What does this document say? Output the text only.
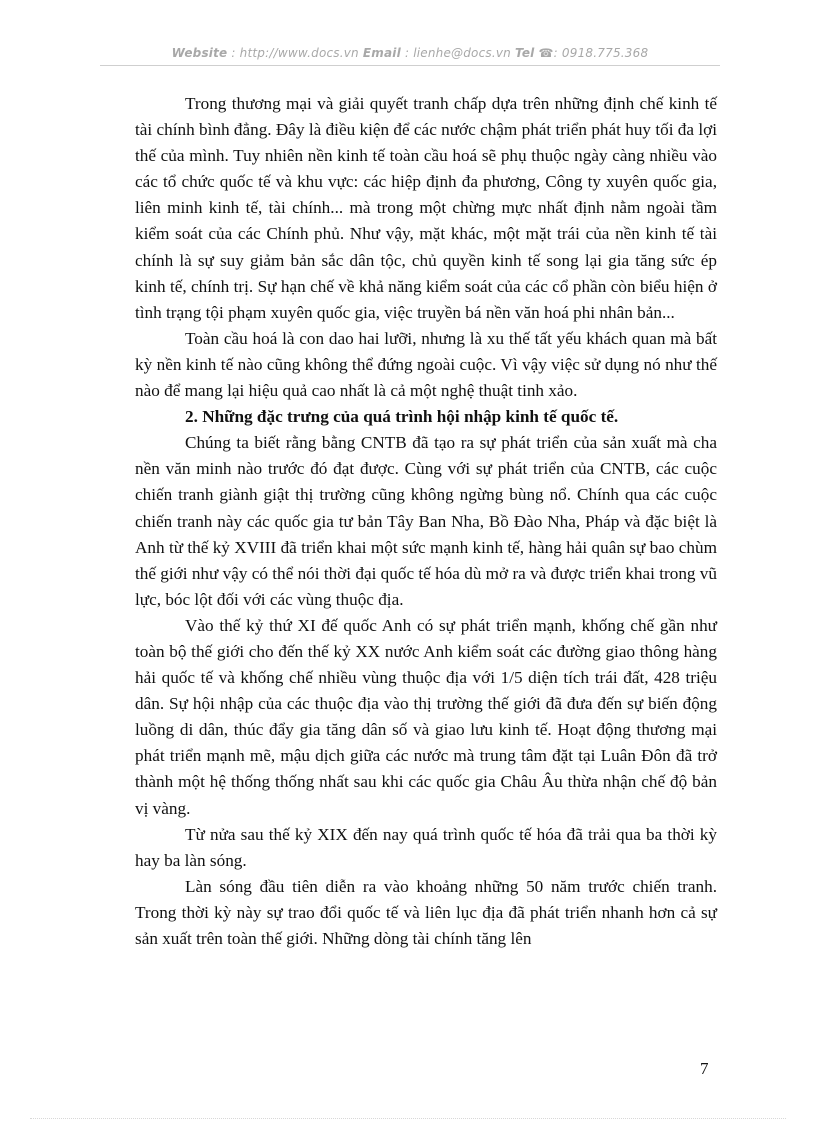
Website : http://www.docs.vn Email : lienhe@docs.vn Tel ☎: 0918.775.368

Trong thương mại và giải quyết tranh chấp dựa trên những định chế kinh tế tài chính bình đẳng. Đây là điều kiện để các nước chậm phát triển phát huy tối đa lợi thế của mình. Tuy nhiên nền kinh tế toàn cầu hoá sẽ phụ thuộc ngày càng nhiều vào các tổ chức quốc tế và khu vực: các hiệp định đa phương, Công ty xuyên quốc gia, liên minh kinh tế, tài chính... mà trong một chừng mực nhất định nằm ngoài tầm kiểm soát của các Chính phủ. Như vậy, mặt khác, một mặt trái của nền kinh tế tài chính là sự suy giảm bản sắc dân tộc, chủ quyền kinh tế song lại gia tăng sức ép kinh tế, chính trị. Sự hạn chế về khả năng kiểm soát của các cổ phần còn biểu hiện ở tình trạng tội phạm xuyên quốc gia, việc truyền bá nền văn hoá phi nhân bản...

Toàn cầu hoá là con dao hai lưỡi, nhưng là xu thế tất yếu khách quan mà bất kỳ nền kinh tế nào cũng không thể đứng ngoài cuộc. Vì vậy việc sử dụng nó như thế nào để mang lại hiệu quả cao nhất là cả một nghệ thuật tinh xảo.

2. Những đặc trưng của quá trình hội nhập kinh tế quốc tế.

Chúng ta biết rằng bằng CNTB đã tạo ra sự phát triển của sản xuất mà cha nền văn minh nào trước đó đạt được. Cùng với sự phát triển của CNTB, các cuộc chiến tranh giành giật thị trường cũng không ngừng bùng nổ. Chính qua các cuộc chiến tranh này các quốc gia tư bản Tây Ban Nha, Bồ Đào Nha, Pháp và đặc biệt là Anh từ thế kỷ XVIII đã triển khai một sức mạnh kinh tế, hàng hải quân sự bao chùm thế giới như vậy có thể nói thời đại quốc tế hóa dù mở ra và được triển khai trong vũ lực, bóc lột đối với các vùng thuộc địa.

Vào thế kỷ thứ XI đế quốc Anh có sự phát triển mạnh, khống chế gần như toàn bộ thế giới cho đến thế kỷ XX nước Anh kiểm soát các đường giao thông hàng hải quốc tế và khống chế nhiều vùng thuộc địa với 1/5 diện tích trái đất, 428 triệu dân. Sự hội nhập của các thuộc địa vào thị trường thế giới đã đưa đến sự biến động luồng di dân, thúc đẩy gia tăng dân số và giao lưu kinh tế. Hoạt động thương mại phát triển mạnh mẽ, mậu dịch giữa các nước mà trung tâm đặt tại Luân Đôn đã trở thành một hệ thống thống nhất sau khi các quốc gia Châu Âu thừa nhận chế độ bản vị vàng.

Từ nửa sau thế kỷ XIX đến nay quá trình quốc tế hóa đã trải qua ba thời kỳ hay ba làn sóng.

Làn sóng đầu tiên diễn ra vào khoảng những 50 năm trước chiến tranh. Trong thời kỳ này sự trao đổi quốc tế và liên lục địa đã phát triển nhanh hơn cả sự sản xuất trên toàn thế giới. Những dòng tài chính tăng lên

7
